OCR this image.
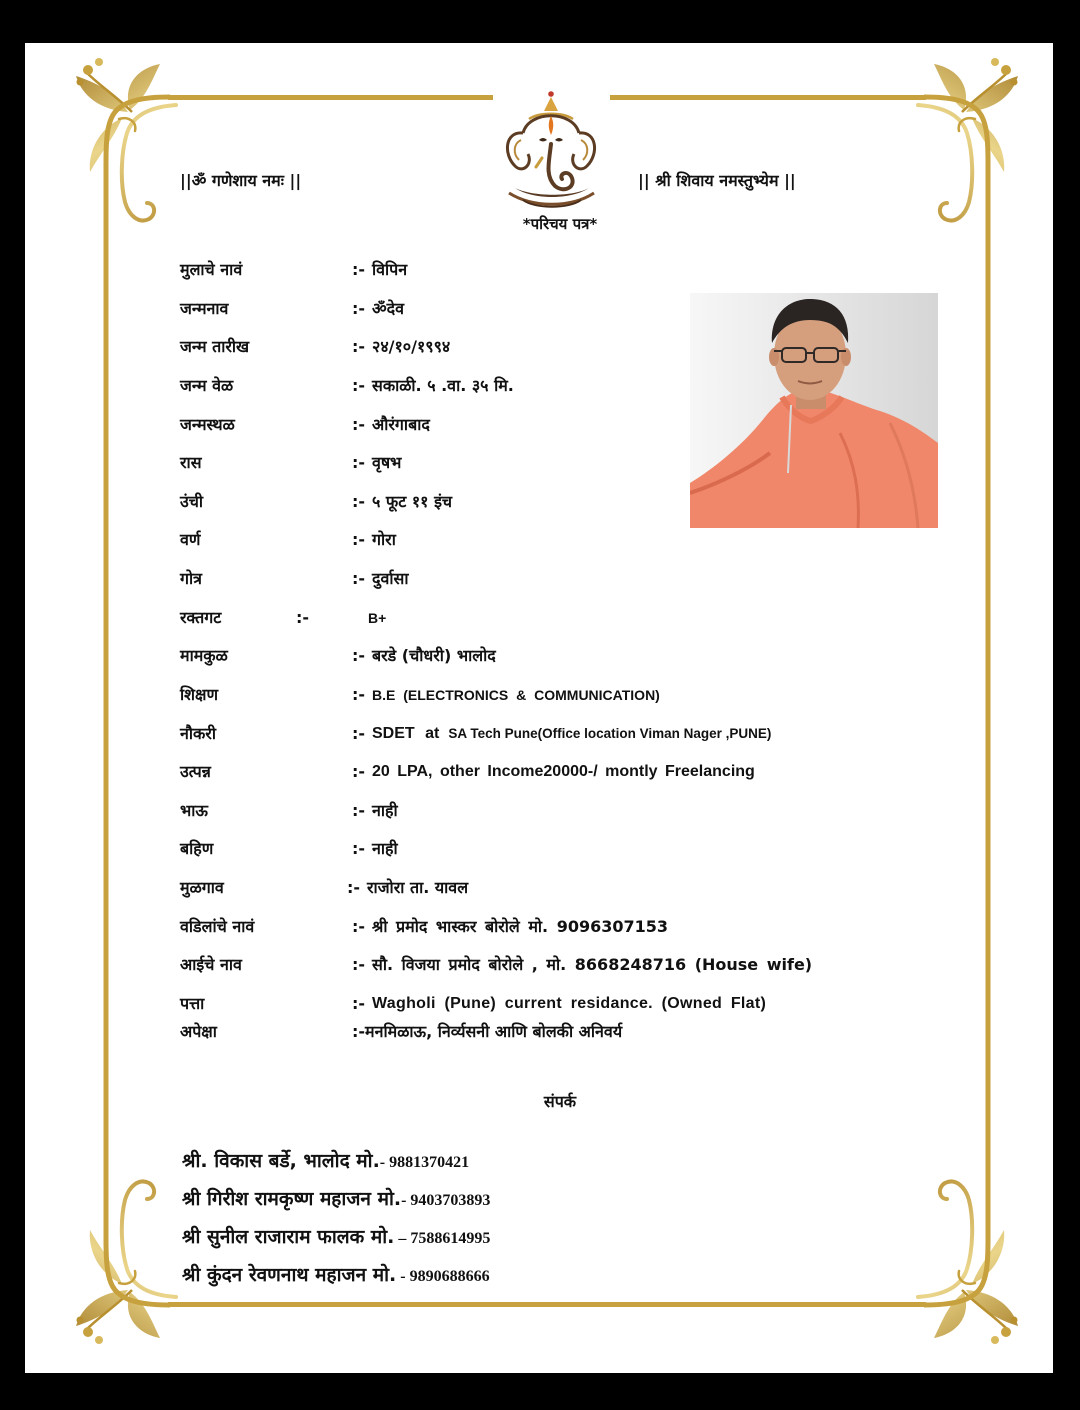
||ॐ गणेशाय नमः ||	|| श्री शिवाय नमस्तुभ्येम ||
*परिचय पत्र*
मुलाचे नावं	:- विपिन
जन्मनाव	:- ॐदेव
जन्म तारीख	:- २४/१०/१९९४
जन्म वेळ	:- सकाळी. ५ .वा. ३५ मि.
जन्मस्थळ	:- औरंगाबाद
रास	:- वृषभ
उंची	:- ५ फूट ११ इंच
वर्ण	:- गोरा
गोत्र	:- दुर्वासा
रक्तगट	:-	B+
मामकुळ	:- बरडे (चौधरी) भालोद
शिक्षण	:- B.E (ELECTRONICS & COMMUNICATION)
नौकरी	:- SDET at SA Tech Pune(Office location Viman Nager ,PUNE)
उत्पन्न	:- 20 LPA, other Income20000-/ montly Freelancing
भाऊ	:- नाही
बहिण	:- नाही
मुळगाव	:- राजोरा ता. यावल
वडिलांचे नावं	:- श्री प्रमोद भास्कर बोरोले मो. 9096307153
आईचे नाव	:- सौ. विजया प्रमोद बोरोले , मो. 8668248716 (House wife)
पत्ता	:- Wagholi (Pune) current residance. (Owned Flat)
अपेक्षा	:-मनमिळाऊ, निर्व्यसनी आणि बोलकी अनिवर्य
संपर्क
श्री. विकास बर्डे, भालोद मो.- 9881370421
श्री गिरीश रामकृष्ण महाजन मो.- 9403703893
श्री सुनील राजाराम फालक मो. – 7588614995
श्री कुंदन रेवणनाथ महाजन मो. - 9890688666
